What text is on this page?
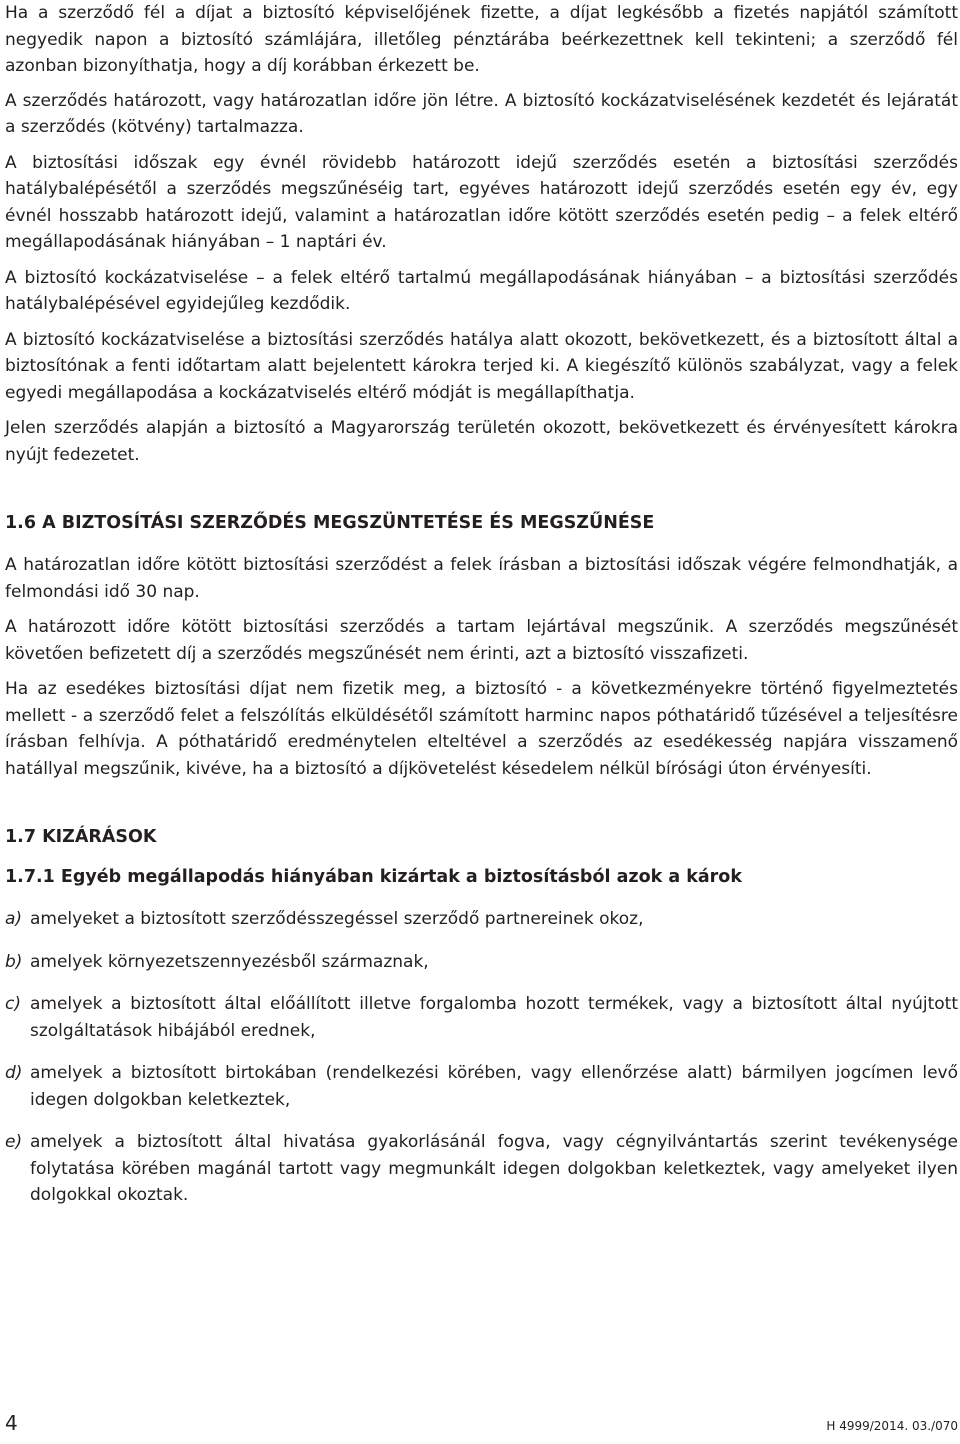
Ha a szerződő fél a díjat a biztosító képviselőjének fizette, a díjat legkésőbb a fizetés napjától számított negyedik napon a biztosító számlájára, illetőleg pénztárába beérkezettnek kell tekinteni; a szerződő fél azonban bizonyíthatja, hogy a díj korábban érkezett be.

A szerződés határozott, vagy határozatlan időre jön létre. A biztosító kockázatviselésének kezdetét és lejáratát a szerződés (kötvény) tartalmazza.

A biztosítási időszak egy évnél rövidebb határozott idejű szerződés esetén a biztosítási szerződés hatálybalépésétől a szerződés megszűnéséig tart, egyéves határozott idejű szerződés esetén egy év, egy évnél hosszabb határozott idejű, valamint a határozatlan időre kötött szerződés esetén pedig – a felek eltérő megállapodásának hiányában – 1 naptári év.

A biztosító kockázatviselése – a felek eltérő tartalmú megállapodásának hiányában – a biztosítási szerződés hatálybalépésével egyidejűleg kezdődik.

A biztosító kockázatviselése a biztosítási szerződés hatálya alatt okozott, bekövetkezett, és a biztosított által a biztosítónak a fenti időtartam alatt bejelentett károkra terjed ki. A kiegészítő különös szabályzat, vagy a felek egyedi megállapodása a kockázatviselés eltérő módját is megállapíthatja.

Jelen szerződés alapján a biztosító a Magyarország területén okozott, bekövetkezett és érvényesített károkra nyújt fedezetet.

1.6 A BIZTOSÍTÁSI SZERZŐDÉS MEGSZÜNTETÉSE ÉS MEGSZŰNÉSE

A határozatlan időre kötött biztosítási szerződést a felek írásban a biztosítási időszak végére felmondhatják, a felmondási idő 30 nap.

A határozott időre kötött biztosítási szerződés a tartam lejártával megszűnik. A szerződés megszűnését követően befizetett díj a szerződés megszűnését nem érinti, azt a biztosító visszafizeti.

Ha az esedékes biztosítási díjat nem fizetik meg, a biztosító - a következményekre történő figyelmeztetés mellett - a szerződő felet a felszólítás elküldésétől számított harminc napos póthatáridő tűzésével a teljesítésre írásban felhívja. A póthatáridő eredménytelen elteltével a szerződés az esedékesség napjára visszamenő hatállyal megszűnik, kivéve, ha a biztosító a díjkövetelést késedelem nélkül bírósági úton érvényesíti.

1.7 KIZÁRÁSOK
1.7.1 Egyéb megállapodás hiányában kizártak a biztosításból azok a károk
a) amelyeket a biztosított szerződésszegéssel szerződő partnereinek okoz,
b) amelyek környezetszennyezésből származnak,
c) amelyek a biztosított által előállított illetve forgalomba hozott termékek, vagy a biztosított által nyújtott szolgáltatások hibájából erednek,
d) amelyek a biztosított birtokában (rendelkezési körében, vagy ellenőrzése alatt) bármilyen jogcímen levő idegen dolgokban keletkeztek,
e) amelyek a biztosított által hivatása gyakorlásánál fogva, vagy cégnyilvántartás szerint tevékenysége folytatása körében magánál tartott vagy megmunkált idegen dolgokban keletkeztek, vagy amelyeket ilyen dolgokkal okoztak.
4	H 4999/2014. 03./070
